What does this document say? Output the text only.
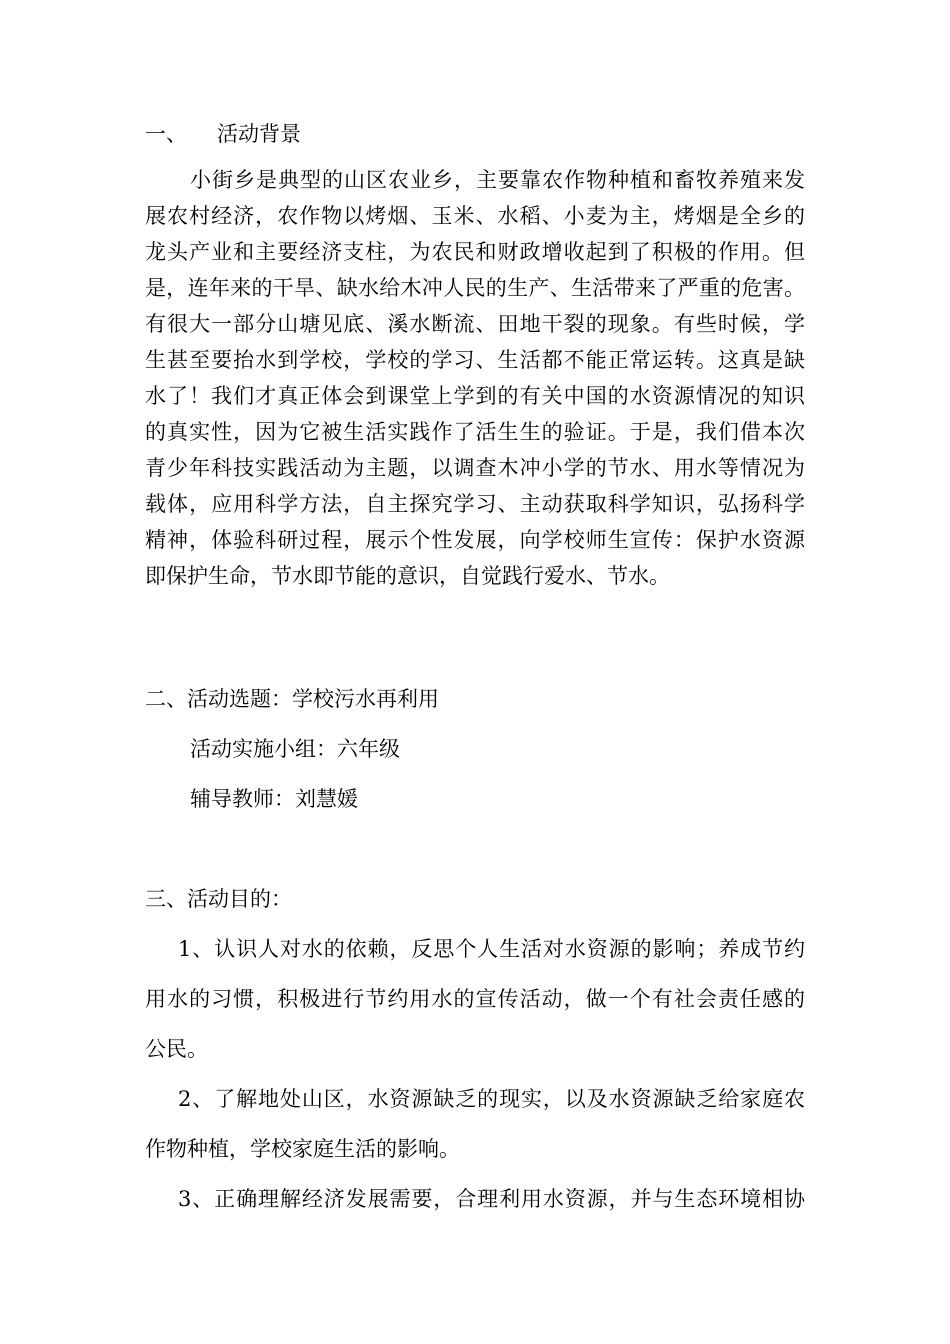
一、 活动背景
小街乡是典型的山区农业乡，主要靠农作物种植和畜牧养殖来发
展农村经济，农作物以烤烟、玉米、水稻、小麦为主，烤烟是全乡的
龙头产业和主要经济支柱，为农民和财政增收起到了积极的作用。但
是，连年来的干旱、缺水给木冲人民的生产、生活带来了严重的危害。
有很大一部分山塘见底、溪水断流、田地干裂的现象。有些时候，学
生甚至要抬水到学校，学校的学习、生活都不能正常运转。这真是缺
水了！我们才真正体会到课堂上学到的有关中国的水资源情况的知识
的真实性，因为它被生活实践作了活生生的验证。于是，我们借本次
青少年科技实践活动为主题，以调查木冲小学的节水、用水等情况为
载体，应用科学方法，自主探究学习、主动获取科学知识，弘扬科学
精神，体验科研过程，展示个性发展，向学校师生宣传：保护水资源
即保护生命，节水即节能的意识，自觉践行爱水、节水。
二、活动选题：学校污水再利用
活动实施小组：六年级
辅导教师：刘慧媛
三、活动目的：
1、认识人对水的依赖，反思个人生活对水资源的影响；养成节约
用水的习惯，积极进行节约用水的宣传活动，做一个有社会责任感的
公民。
2、了解地处山区，水资源缺乏的现实，以及水资源缺乏给家庭农
作物种植，学校家庭生活的影响。
3、正确理解经济发展需要，合理利用水资源，并与生态环境相协
